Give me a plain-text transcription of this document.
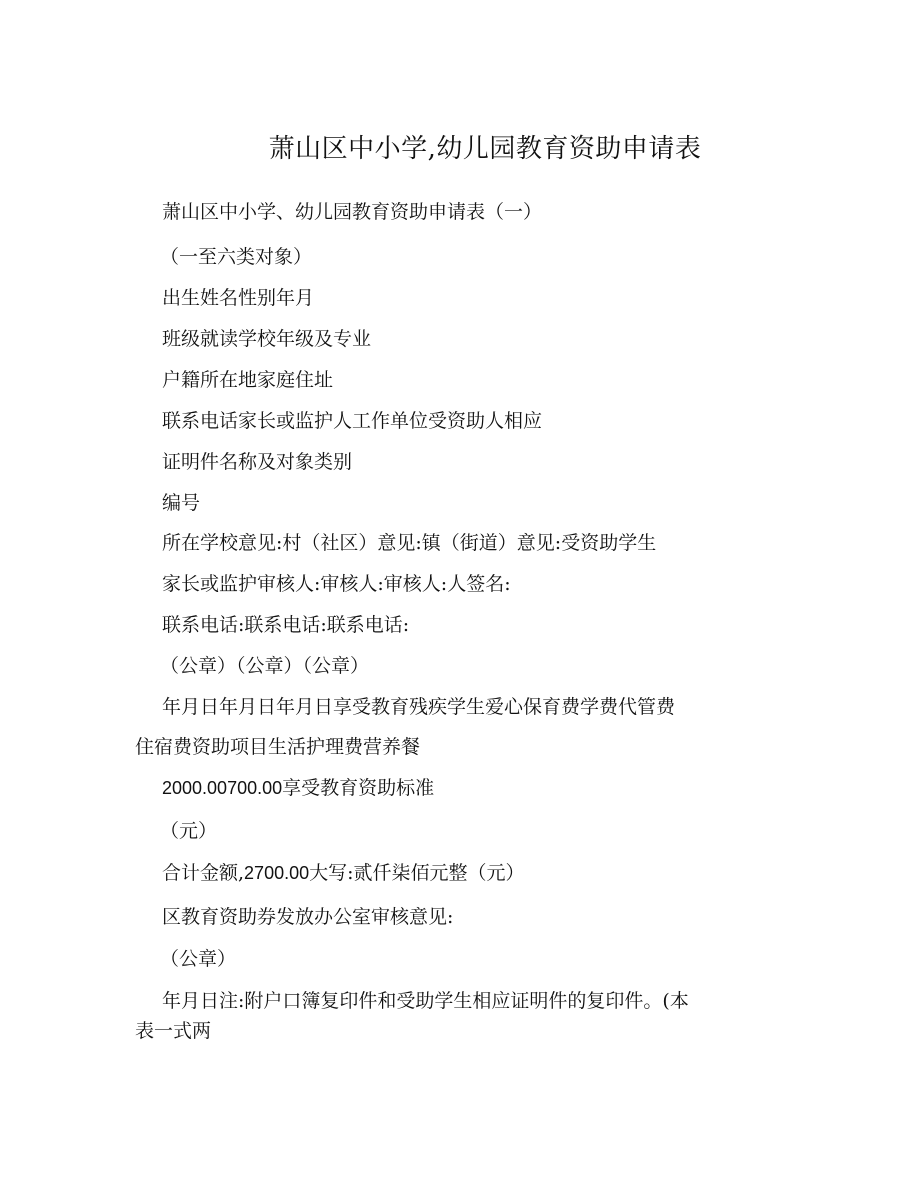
萧山区中小学,幼儿园教育资助申请表
萧山区中小学、幼儿园教育资助申请表（一）
（一至六类对象）
出生姓名性别年月
班级就读学校年级及专业
户籍所在地家庭住址
联系电话家长或监护人工作单位受资助人相应
证明件名称及对象类别
编号
所在学校意见:村（社区）意见:镇（街道）意见:受资助学生
家长或监护审核人:审核人:审核人:人签名:
联系电话:联系电话:联系电话:
（公章）（公章）（公章）
年月日年月日年月日享受教育残疾学生爱心保育费学费代管费
住宿费资助项目生活护理费营养餐
2000.00700.00享受教育资助标准
（元）
合计金额,2700.00大写:贰仟柒佰元整（元）
区教育资助券发放办公室审核意见:
（公章）
年月日注:附户口簿复印件和受助学生相应证明件的复印件。(本
表一式两
